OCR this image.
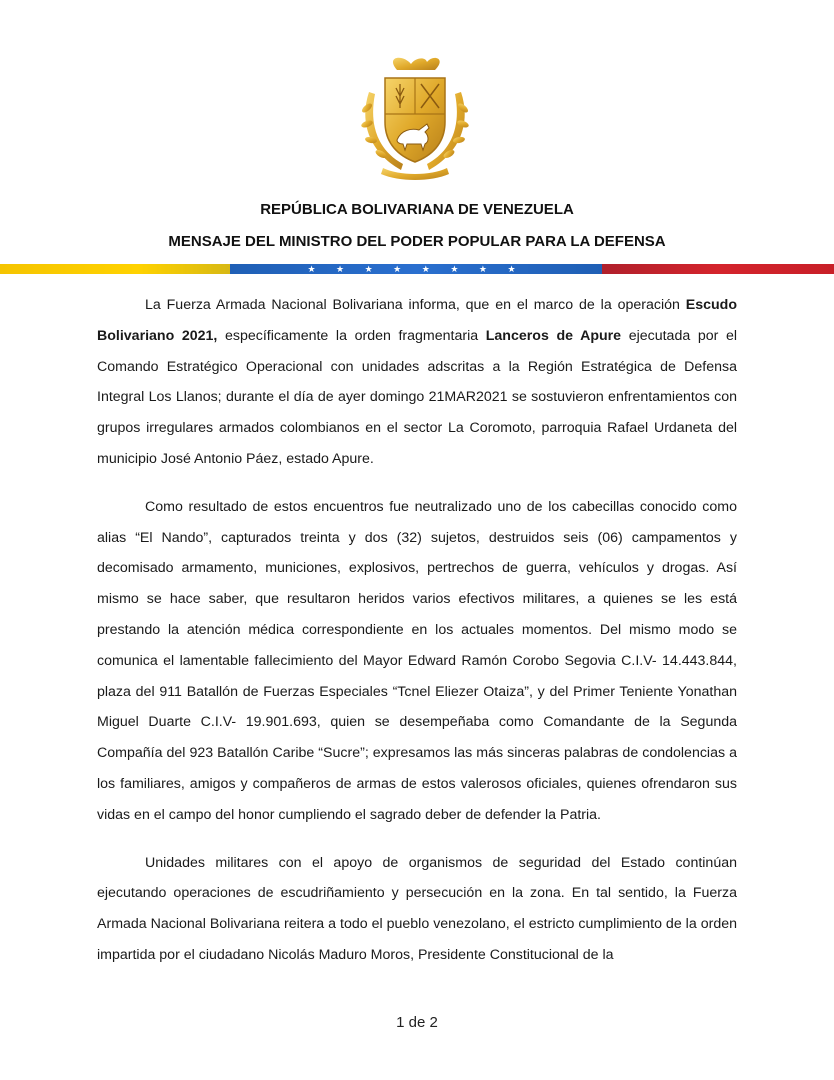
REPÚBLICA BOLIVARIANA DE VENEZUELA
MENSAJE DEL MINISTRO DEL PODER POPULAR PARA LA DEFENSA
★ ★ ★ ★ ★ ★ ★ ★

La Fuerza Armada Nacional Bolivariana informa, que en el marco de la operación Escudo Bolivariano 2021, específicamente la orden fragmentaria Lanceros de Apure ejecutada por el Comando Estratégico Operacional con unidades adscritas a la Región Estratégica de Defensa Integral Los Llanos; durante el día de ayer domingo 21MAR2021 se sostuvieron enfrentamientos con grupos irregulares armados colombianos en el sector La Coromoto, parroquia Rafael Urdaneta del municipio José Antonio Páez, estado Apure.

Como resultado de estos encuentros fue neutralizado uno de los cabecillas conocido como alias “El Nando”, capturados treinta y dos (32) sujetos, destruidos seis (06) campamentos y decomisado armamento, municiones, explosivos, pertrechos de guerra, vehículos y drogas. Así mismo se hace saber, que resultaron heridos varios efectivos militares, a quienes se les está prestando la atención médica correspondiente en los actuales momentos. Del mismo modo se comunica el lamentable fallecimiento del Mayor Edward Ramón Corobo Segovia C.I.V- 14.443.844, plaza del 911 Batallón de Fuerzas Especiales “Tcnel Eliezer Otaiza”, y del Primer Teniente Yonathan Miguel Duarte C.I.V- 19.901.693, quien se desempeñaba como Comandante de la Segunda Compañía del 923 Batallón Caribe “Sucre”; expresamos las más sinceras palabras de condolencias a los familiares, amigos y compañeros de armas de estos valerosos oficiales, quienes ofrendaron sus vidas en el campo del honor cumpliendo el sagrado deber de defender la Patria.

Unidades militares con el apoyo de organismos de seguridad del Estado continúan ejecutando operaciones de escudriñamiento y persecución en la zona. En tal sentido, la Fuerza Armada Nacional Bolivariana reitera a todo el pueblo venezolano, el estricto cumplimiento de la orden impartida por el ciudadano Nicolás Maduro Moros, Presidente Constitucional de la

1 de 2
